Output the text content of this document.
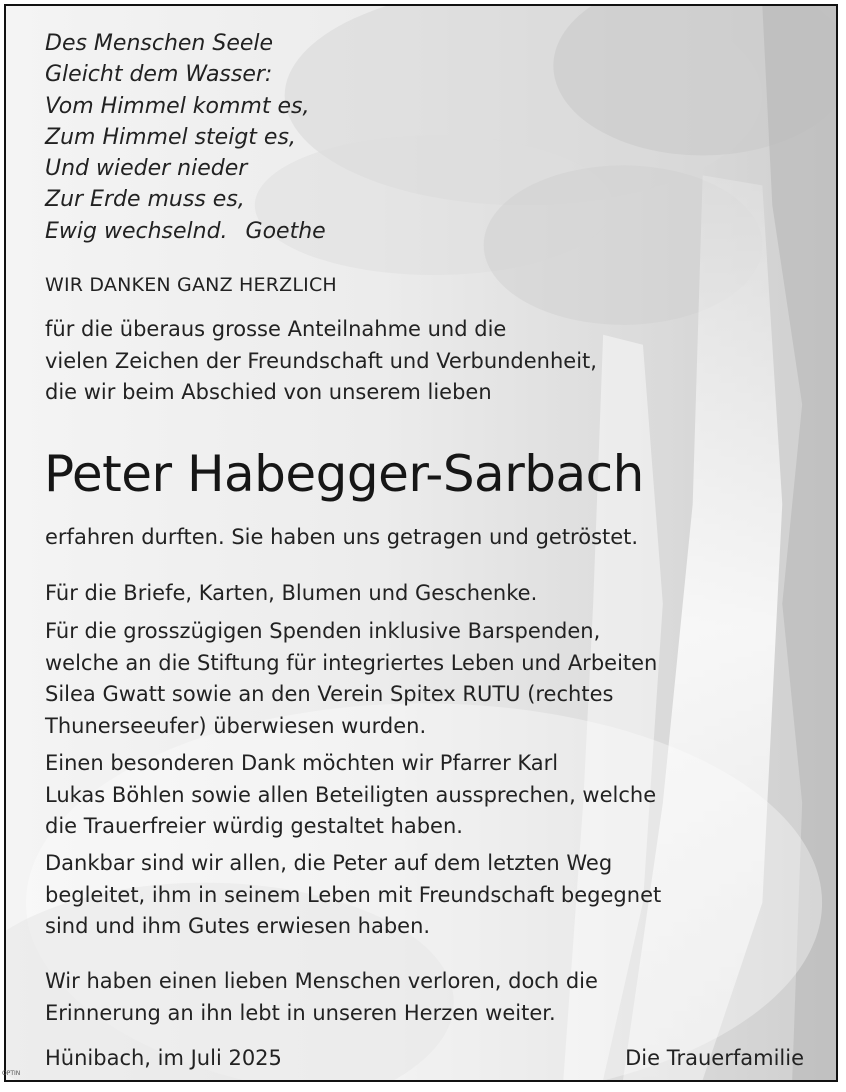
Des Menschen Seele
Gleicht dem Wasser:
Vom Himmel kommt es,
Zum Himmel steigt es,
Und wieder nieder
Zur Erde muss es,
Ewig wechselnd. Goethe
WIR DANKEN GANZ HERZLICH
für die überaus grosse Anteilnahme und die
vielen Zeichen der Freundschaft und Verbundenheit,
die wir beim Abschied von unserem lieben
Peter Habegger-Sarbach
erfahren durften. Sie haben uns getragen und getröstet.
Für die Briefe, Karten, Blumen und Geschenke.
Für die grosszügigen Spenden inklusive Barspenden,
welche an die Stiftung für integriertes Leben und Arbeiten
Silea Gwatt sowie an den Verein Spitex RUTU (rechtes
Thunerseeufer) überwiesen wurden.
Einen besonderen Dank möchten wir Pfarrer Karl
Lukas Böhlen sowie allen Beteiligten aussprechen, welche
die Trauerfreier würdig gestaltet haben.
Dankbar sind wir allen, die Peter auf dem letzten Weg
begleitet, ihm in seinem Leben mit Freundschaft begegnet
sind und ihm Gutes erwiesen haben.
Wir haben einen lieben Menschen verloren, doch die
Erinnerung an ihn lebt in unseren Herzen weiter.
Hünibach, im Juli 2025	Die Trauerfamilie
OPTIN
